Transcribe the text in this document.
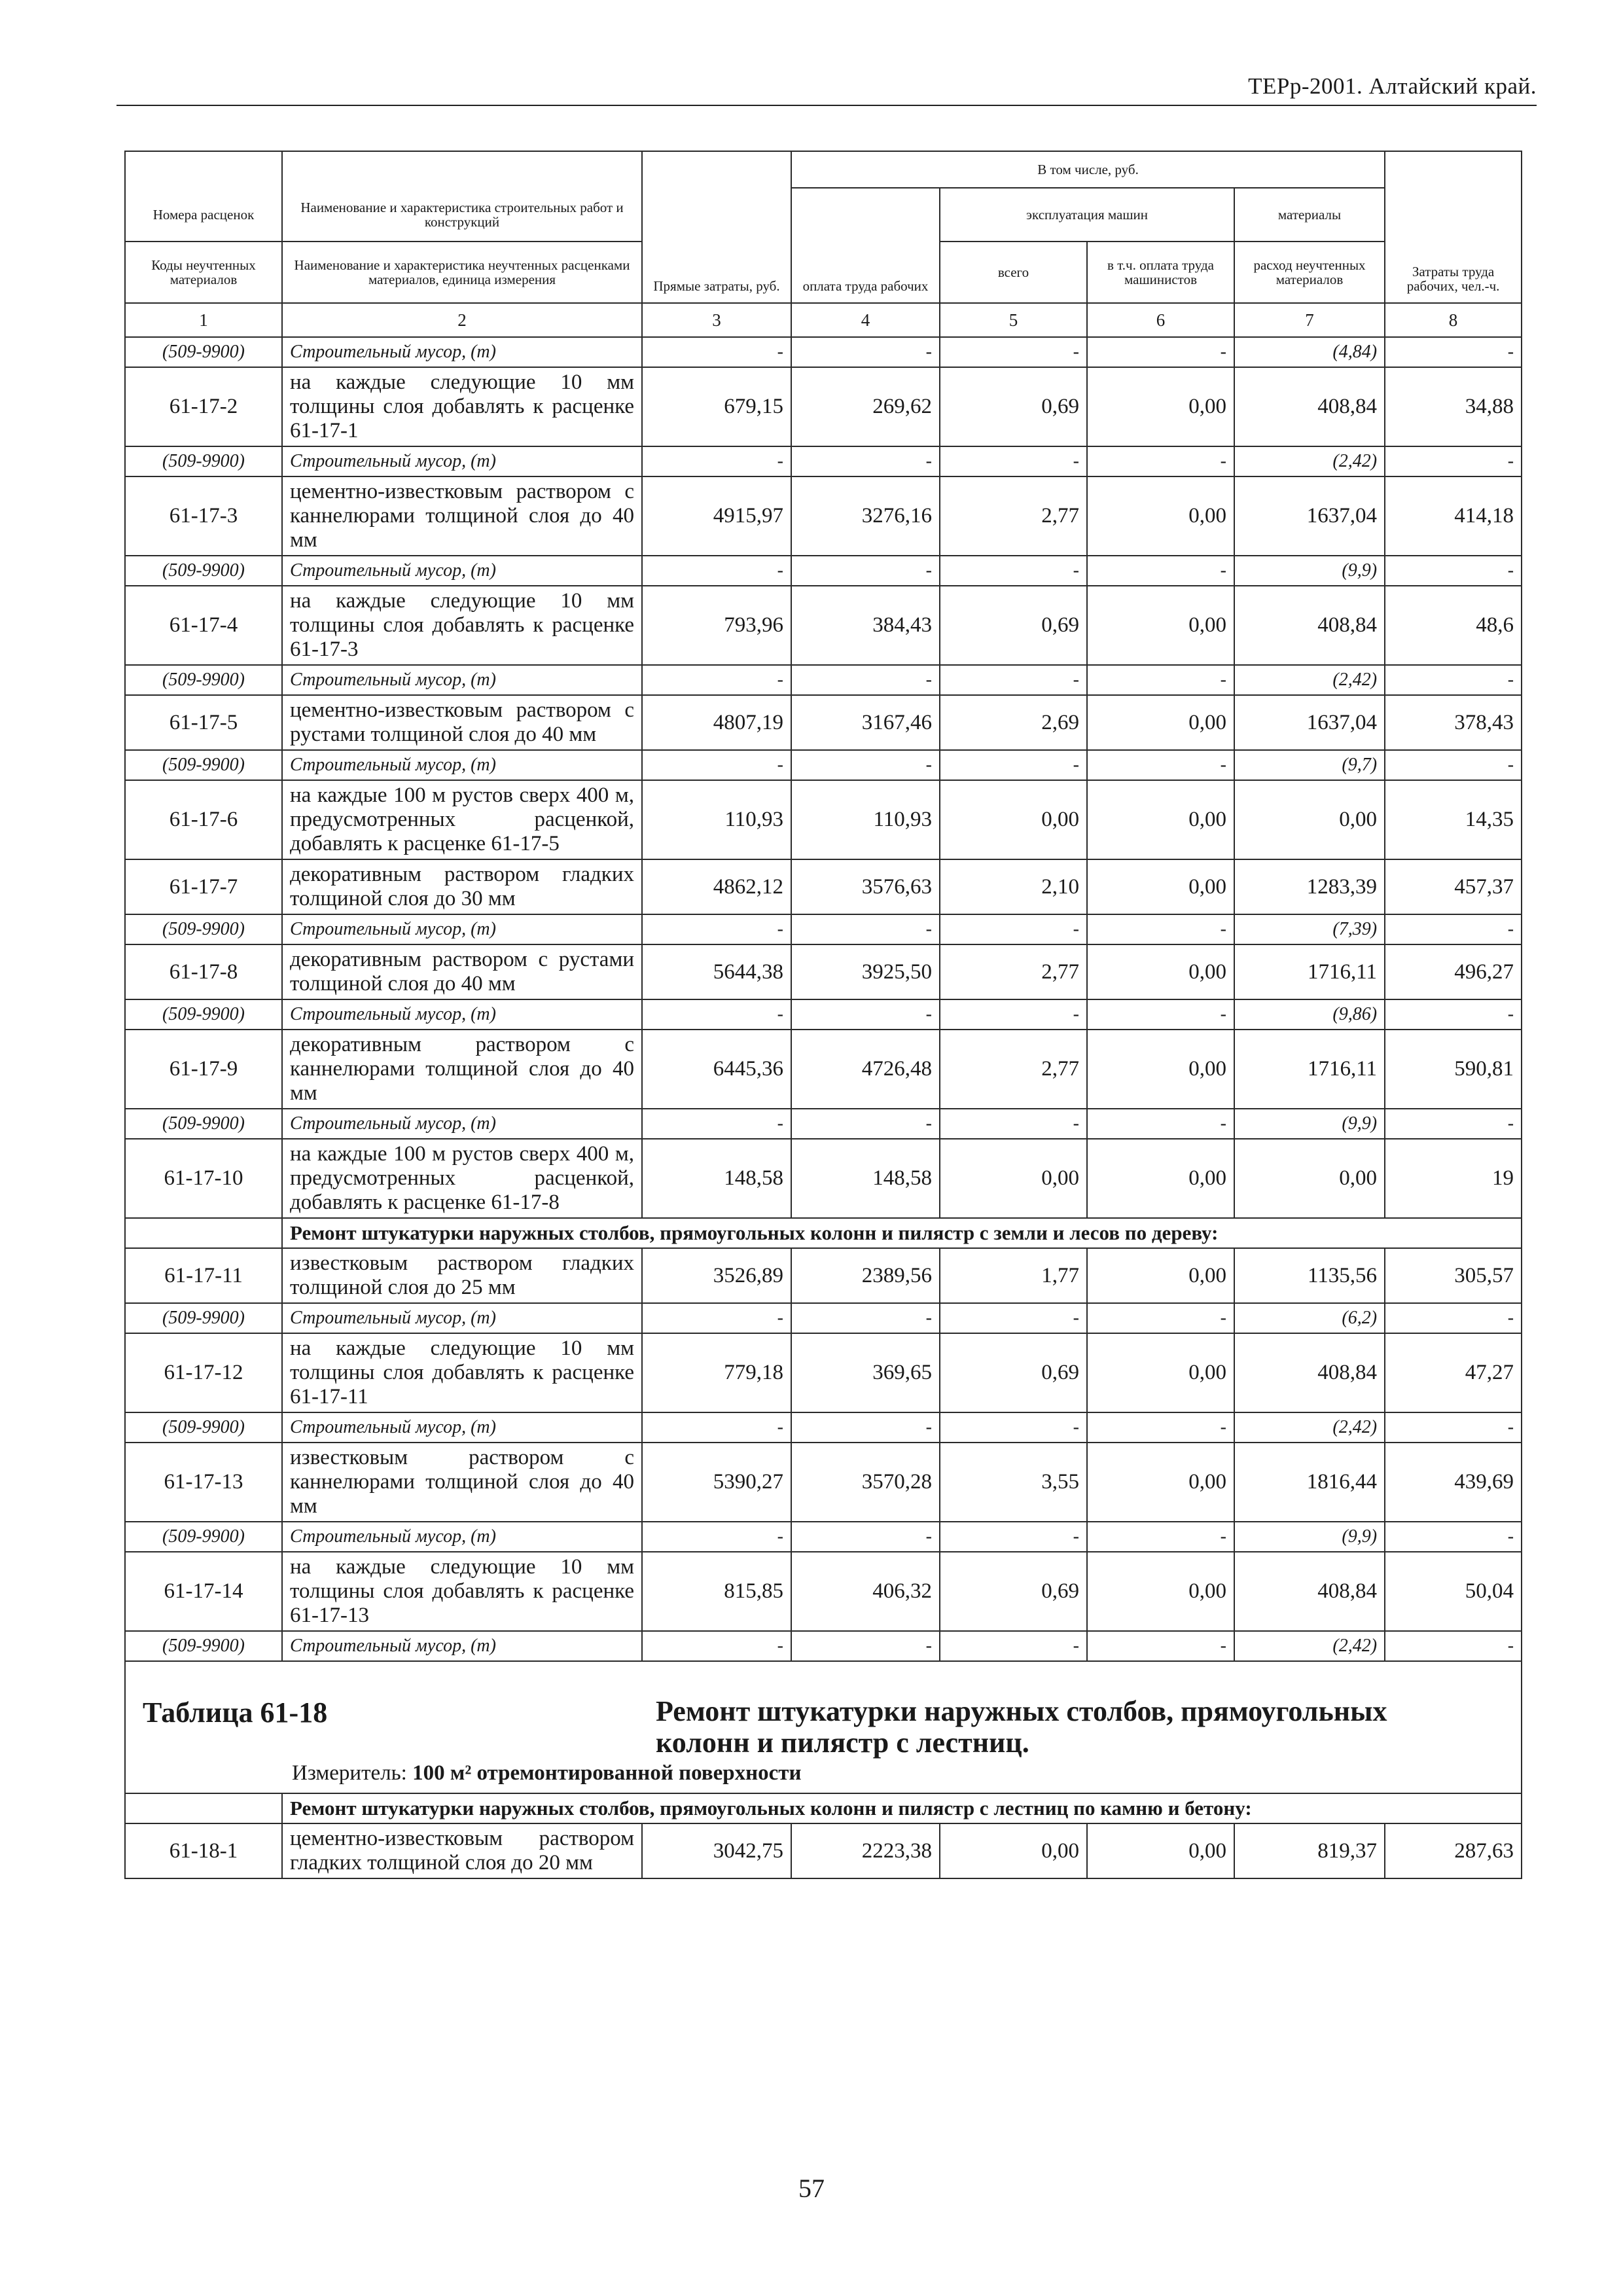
ТЕРр-2001. Алтайский край.
		Прямые затраты, руб.	В том числе, руб.				Затраты труда рабочих, чел.-ч.
Номера расценок	Наименование и характеристика строительных работ и конструкций		оплата труда рабочих	эксплуатация машин		материалы	
Коды неучтенных материалов	Наименование и характеристика неучтенных расценками материалов, единица измерения			всего	в т.ч. оплата труда машинистов	расход неучтенных материалов	
1	2	3	4	5	6	7	8
(509-9900)	Строительный мусор, (т)	-	-	-	-	(4,84)	-
61-17-2	на каждые следующие 10 мм толщины слоя добавлять к расценке 61-17-1	679,15	269,62	0,69	0,00	408,84	34,88
(509-9900)	Строительный мусор, (т)	-	-	-	-	(2,42)	-
61-17-3	цементно-известковым раствором с каннелюрами толщиной слоя до 40 мм	4915,97	3276,16	2,77	0,00	1637,04	414,18
(509-9900)	Строительный мусор, (т)	-	-	-	-	(9,9)	-
61-17-4	на каждые следующие 10 мм толщины слоя добавлять к расценке 61-17-3	793,96	384,43	0,69	0,00	408,84	48,6
(509-9900)	Строительный мусор, (т)	-	-	-	-	(2,42)	-
61-17-5	цементно-известковым раствором с рустами толщиной слоя до 40 мм	4807,19	3167,46	2,69	0,00	1637,04	378,43
(509-9900)	Строительный мусор, (т)	-	-	-	-	(9,7)	-
61-17-6	на каждые 100 м рустов сверх 400 м, предусмотренных расценкой, добавлять к расценке 61-17-5	110,93	110,93	0,00	0,00	0,00	14,35
61-17-7	декоративным раствором гладких толщиной слоя до 30 мм	4862,12	3576,63	2,10	0,00	1283,39	457,37
(509-9900)	Строительный мусор, (т)	-	-	-	-	(7,39)	-
61-17-8	декоративным раствором с рустами толщиной слоя до 40 мм	5644,38	3925,50	2,77	0,00	1716,11	496,27
(509-9900)	Строительный мусор, (т)	-	-	-	-	(9,86)	-
61-17-9	декоративным раствором с каннелюрами толщиной слоя до 40 мм	6445,36	4726,48	2,77	0,00	1716,11	590,81
(509-9900)	Строительный мусор, (т)	-	-	-	-	(9,9)	-
61-17-10	на каждые 100 м рустов сверх 400 м, предусмотренных расценкой, добавлять к расценке 61-17-8	148,58	148,58	0,00	0,00	0,00	19
	Ремонт штукатурки наружных столбов, прямоугольных колонн и пилястр с земли и лесов по дереву:						
61-17-11	известковым раствором гладких толщиной слоя до 25 мм	3526,89	2389,56	1,77	0,00	1135,56	305,57
(509-9900)	Строительный мусор, (т)	-	-	-	-	(6,2)	-
61-17-12	на каждые следующие 10 мм толщины слоя добавлять к расценке 61-17-11	779,18	369,65	0,69	0,00	408,84	47,27
(509-9900)	Строительный мусор, (т)	-	-	-	-	(2,42)	-
61-17-13	известковым раствором с каннелюрами толщиной слоя до 40 мм	5390,27	3570,28	3,55	0,00	1816,44	439,69
(509-9900)	Строительный мусор, (т)	-	-	-	-	(9,9)	-
61-17-14	на каждые следующие 10 мм толщины слоя добавлять к расценке 61-17-13	815,85	406,32	0,69	0,00	408,84	50,04
(509-9900)	Строительный мусор, (т)	-	-	-	-	(2,42)	-

Таблица 61-18 Ремонт штукатурки наружных столбов, прямоугольных колонн и пилястр с лестниц.
Измеритель: 100 м² отремонтированной поверхности							

	Ремонт штукатурки наружных столбов, прямоугольных колонн и пилястр с лестниц по камню и бетону:						
61-18-1	цементно-известковым раствором гладких толщиной слоя до 20 мм	3042,75	2223,38	0,00	0,00	819,37	287,63
57
